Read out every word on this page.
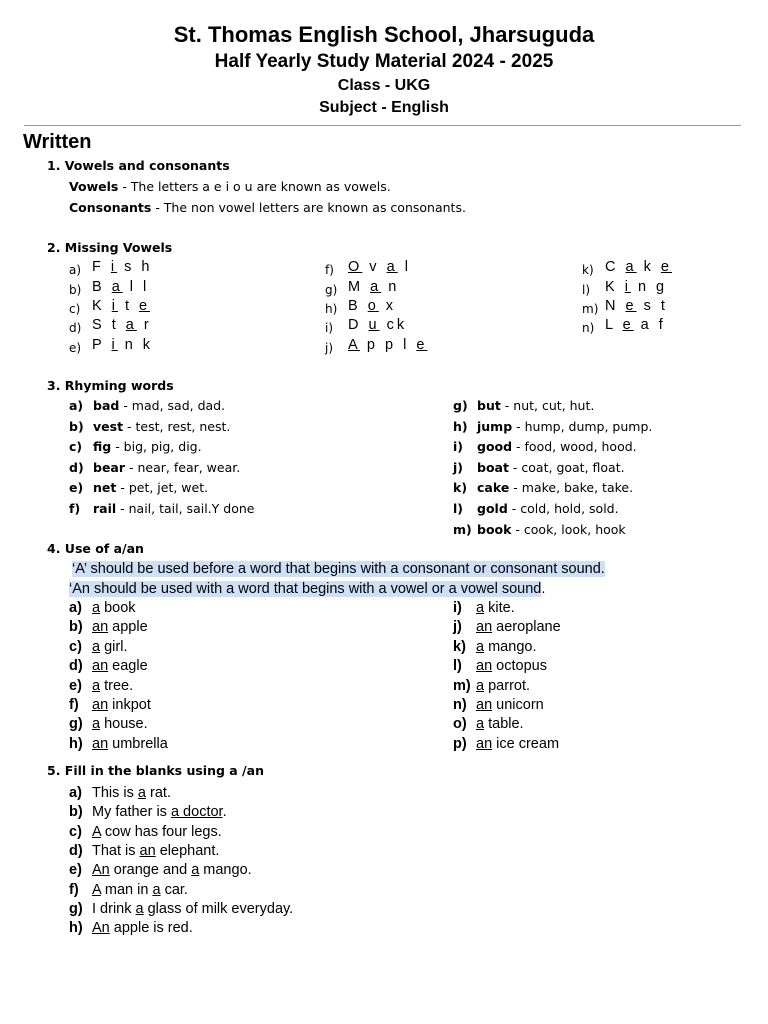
St. Thomas English School, Jharsuguda
Half Yearly Study Material 2024 - 2025
Class - UKG
Subject - English
Written
1. Vowels and consonants
Vowels - The letters a e i o u are known as vowels.
Consonants - The non vowel letters are known as consonants.
2. Missing Vowels
a) F i s h
b) B a l l
c) K i t e
d) S t a r
e) P i n k
f) O v a l
g) M a n
h) B o x
i) D u ck
j) A p p l e
k) C a k e
l) K i n g
m) N e s t
n) L e a f
3. Rhyming words
a) bad - mad, sad, dad.
b) vest - test, rest, nest.
c) fig - big, pig, dig.
d) bear - near, fear, wear.
e) net - pet, jet, wet.
f) rail - nail, tail, sail.Y done
g) but - nut, cut, hut.
h) jump - hump, dump, pump.
i) good - food, wood, hood.
j) boat - coat, goat, float.
k) cake - make, bake, take.
l) gold - cold, hold, sold.
m) book - cook, look, hook
4. Use of a/an
‘A’ should be used before a word that begins with a consonant or consonant sound.
‘An should be used with a word that begins with a vowel or a vowel sound.
a) a book
b) an apple
c) a girl.
d) an eagle
e) a tree.
f) an inkpot
g) a house.
h) an umbrella
i) a kite.
j) an aeroplane
k) a mango.
l) an octopus
m) a parrot.
n) an unicorn
o) a table.
p) an ice cream
5. Fill in the blanks using a /an
a) This is a rat.
b) My father is a doctor.
c) A cow has four legs.
d) That is an elephant.
e) An orange and a mango.
f) A man in a car.
g) I drink a glass of milk everyday.
h) An apple is red.
